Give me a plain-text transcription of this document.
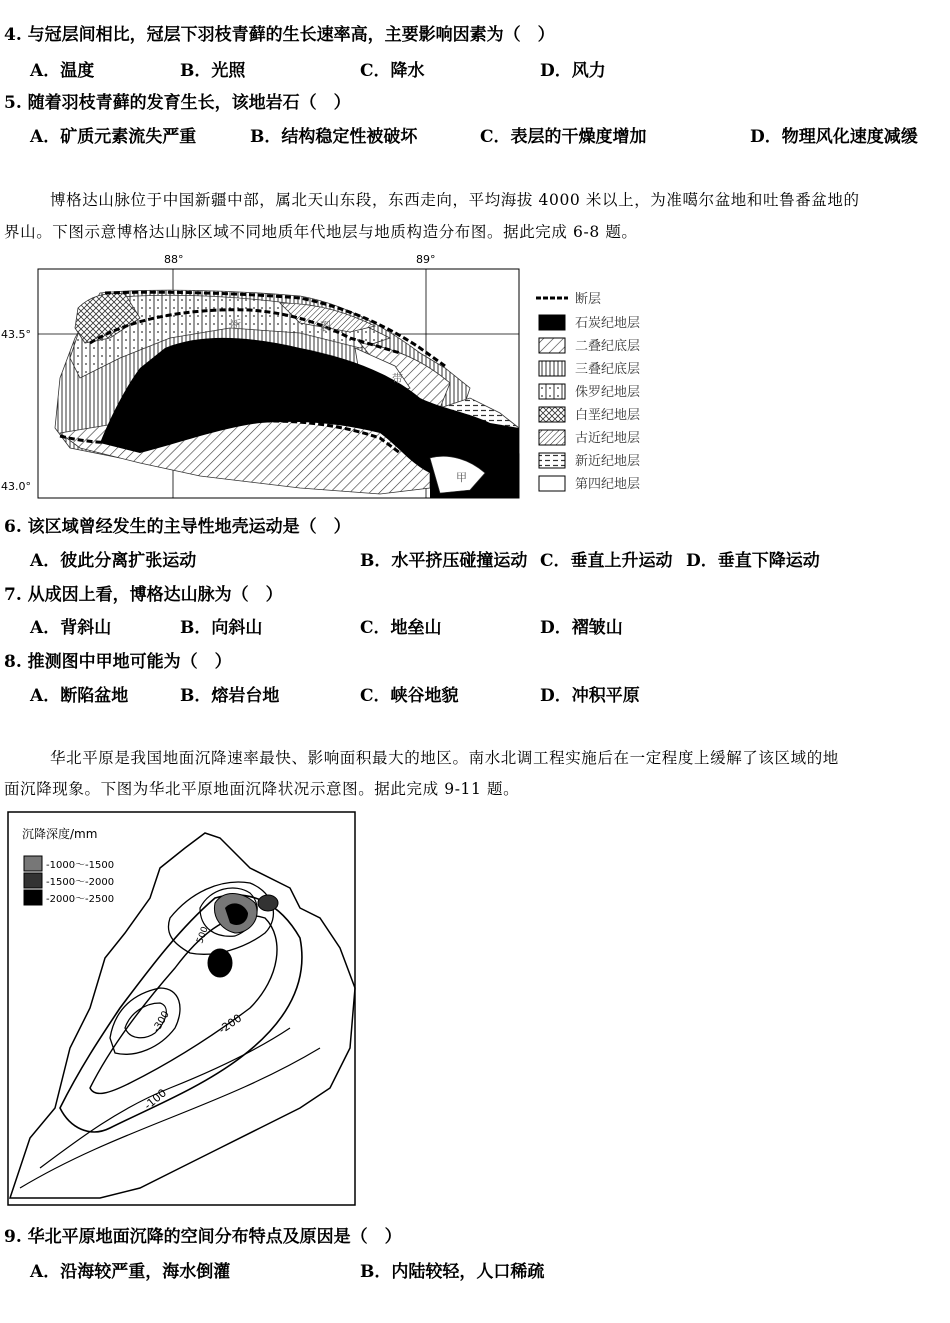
4. 与冠层间相比，冠层下羽枝青藓的生长速率高，主要影响因素为（　）
A．温度	B．光照	C．降水	D．风力
5. 随着羽枝青藓的发育生长，该地岩石（　）
A．矿质元素流失严重	B．结构稳定性被破坏	C．表层的干燥度增加	D．物理风化速度减缓
博格达山脉位于中国新疆中部，属北天山东段，东西走向，平均海拔 4000 米以上，为准噶尔盆地和吐鲁番盆地的
界山。下图示意博格达山脉区域不同地质年代地层与地质构造分布图。据此完成 6-8 题。
88°	89°
43.5°
43.0°
断	裂
带
甲
断层
石炭纪地层
二叠纪底层
三叠纪底层
侏罗纪地层
白垩纪地层
古近纪地层
新近纪地层
第四纪地层
6. 该区域曾经发生的主导性地壳运动是（　）
A．彼此分离扩张运动	B．水平挤压碰撞运动 C．垂直上升运动 D．垂直下降运动
7. 从成因上看，博格达山脉为（　）
A．背斜山	B．向斜山	C．地垒山	D．褶皱山
8. 推测图中甲地可能为（　）
A．断陷盆地	B．熔岩台地	C．峡谷地貌	D．冲积平原
华北平原是我国地面沉降速率最快、影响面积最大的地区。南水北调工程实施后在一定程度上缓解了该区域的地
面沉降现象。下图为华北平原地面沉降状况示意图。据此完成 9-11 题。
沉降深度/mm
-1000～-1500
-1500～-2000
-2000～-2500
-100
-200
-300
500
9. 华北平原地面沉降的空间分布特点及原因是（　）
A．沿海较严重，海水倒灌	B．内陆较轻，人口稀疏
